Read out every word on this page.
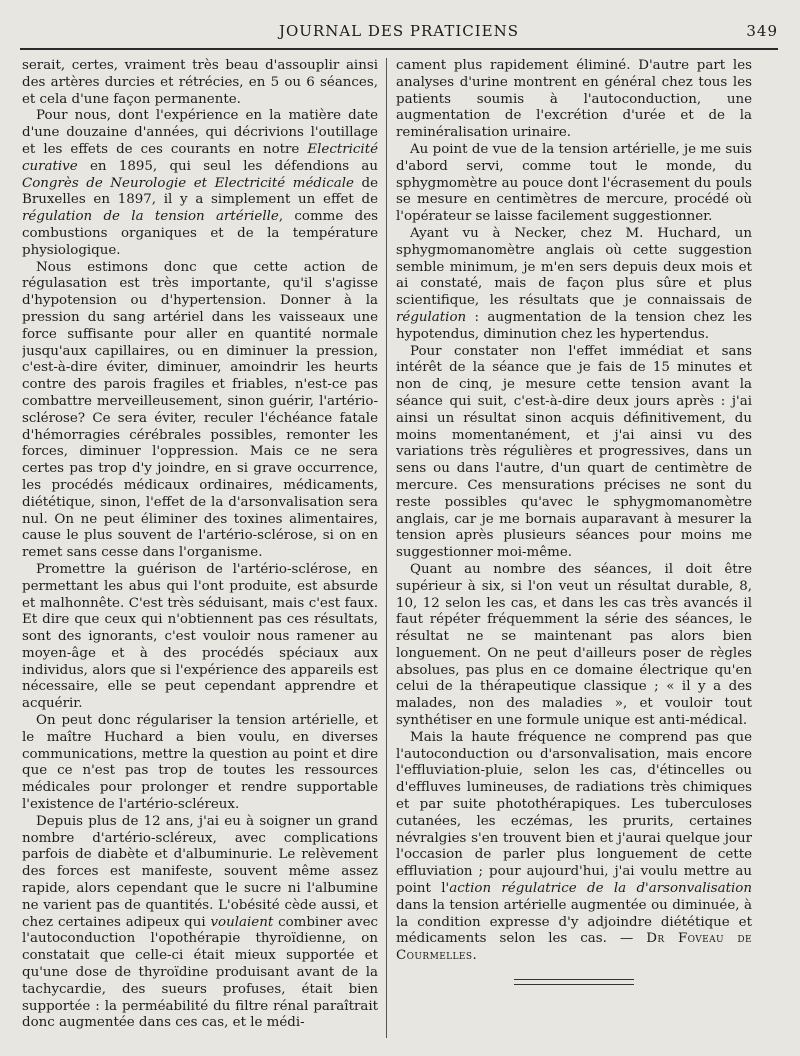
JOURNAL DES PRATICIENS	349

serait, certes, vraiment très beau d'assouplir ainsi des artères durcies et rétrécies, en 5 ou 6 séances, et cela d'une façon permanente.

Pour nous, dont l'expérience en la matière date d'une douzaine d'années, qui décrivions l'outillage et les effets de ces courants en notre Electricité curative en 1895, qui seul les défendions au Congrès de Neurologie et Electricité médicale de Bruxelles en 1897, il y a simplement un effet de régulation de la tension artérielle, comme des combustions organiques et de la température physiologique.

Nous estimons donc que cette action de régulasation est très importante, qu'il s'agisse d'hypotension ou d'hypertension. Donner à la pression du sang artériel dans les vaisseaux une force suffisante pour aller en quantité normale jusqu'aux capillaires, ou en diminuer la pression, c'est-à-dire éviter, diminuer, amoindrir les heurts contre des parois fragiles et friables, n'est-ce pas combattre merveilleusement, sinon guérir, l'artério-sclérose? Ce sera éviter, reculer l'échéance fatale d'hémorragies cérébrales possibles, remonter les forces, diminuer l'oppression. Mais ce ne sera certes pas trop d'y joindre, en si grave occurrence, les procédés médicaux ordinaires, médicaments, diététique, sinon, l'effet de la d'arsonvalisation sera nul. On ne peut éliminer des toxines alimentaires, cause le plus souvent de l'artério-sclérose, si on en remet sans cesse dans l'organisme.

Promettre la guérison de l'artério-sclérose, en permettant les abus qui l'ont produite, est absurde et malhonnête. C'est très séduisant, mais c'est faux. Et dire que ceux qui n'obtiennent pas ces résultats, sont des ignorants, c'est vouloir nous ramener au moyen-âge et à des procédés spéciaux aux individus, alors que si l'expérience des appareils est nécessaire, elle se peut cependant apprendre et acquérir.

On peut donc régulariser la tension artérielle, et le maître Huchard a bien voulu, en diverses communications, mettre la question au point et dire que ce n'est pas trop de toutes les ressources médicales pour prolonger et rendre supportable l'existence de l'artério-scléreux.

Depuis plus de 12 ans, j'ai eu à soigner un grand nombre d'artério-scléreux, avec complications parfois de diabète et d'albuminurie. Le relèvement des forces est manifeste, souvent même assez rapide, alors cependant que le sucre ni l'albumine ne varient pas de quantités. L'obésité cède aussi, et chez certaines adipeux qui voulaient combiner avec l'autoconduction l'opothérapie thyroïdienne, on constatait que celle-ci était mieux supportée et qu'une dose de thyroïdine produisant avant de la tachycardie, des sueurs profuses, était bien supportée : la perméabilité du filtre rénal paraîtrait donc augmentée dans ces cas, et le médi-

cament plus rapidement éliminé. D'autre part les analyses d'urine montrent en général chez tous les patients soumis à l'autoconduction, une augmentation de l'excrétion d'urée et de la reminéralisation urinaire.

Au point de vue de la tension artérielle, je me suis d'abord servi, comme tout le monde, du sphygmomètre au pouce dont l'écrasement du pouls se mesure en centimètres de mercure, procédé où l'opérateur se laisse facilement suggestionner.

Ayant vu à Necker, chez M. Huchard, un sphygmomanomètre anglais où cette suggestion semble minimum, je m'en sers depuis deux mois et ai constaté, mais de façon plus sûre et plus scientifique, les résultats que je connaissais de régulation : augmentation de la tension chez les hypotendus, diminution chez les hypertendus.

Pour constater non l'effet immédiat et sans intérêt de la séance que je fais de 15 minutes et non de cinq, je mesure cette tension avant la séance qui suit, c'est-à-dire deux jours après : j'ai ainsi un résultat sinon acquis définitivement, du moins momentanément, et j'ai ainsi vu des variations très régulières et progressives, dans un sens ou dans l'autre, d'un quart de centimètre de mercure. Ces mensurations précises ne sont du reste possibles qu'avec le sphygmomanomètre anglais, car je me bornais auparavant à mesurer la tension après plusieurs séances pour moins me suggestionner moi-même.

Quant au nombre des séances, il doit être supérieur à six, si l'on veut un résultat durable, 8, 10, 12 selon les cas, et dans les cas très avancés il faut répéter fréquemment la série des séances, le résultat ne se maintenant pas alors bien longuement. On ne peut d'ailleurs poser de règles absolues, pas plus en ce domaine électrique qu'en celui de la thérapeutique classique ; « il y a des malades, non des maladies », et vouloir tout synthétiser en une formule unique est anti-médical.

Mais la haute fréquence ne comprend pas que l'autoconduction ou d'arsonvalisation, mais encore l'effluviation-pluie, selon les cas, d'étincelles ou d'effluves lumineuses, de radiations très chimiques et par suite photothérapiques. Les tuberculoses cutanées, les eczémas, les prurits, certaines névralgies s'en trouvent bien et j'aurai quelque jour l'occasion de parler plus longuement de cette effluviation ; pour aujourd'hui, j'ai voulu mettre au point l'action régulatrice de la d'arsonvalisation dans la tension artérielle augmentée ou diminuée, à la condition expresse d'y adjoindre diététique et médicaments selon les cas. — Dr Foveau de Courmelles.
